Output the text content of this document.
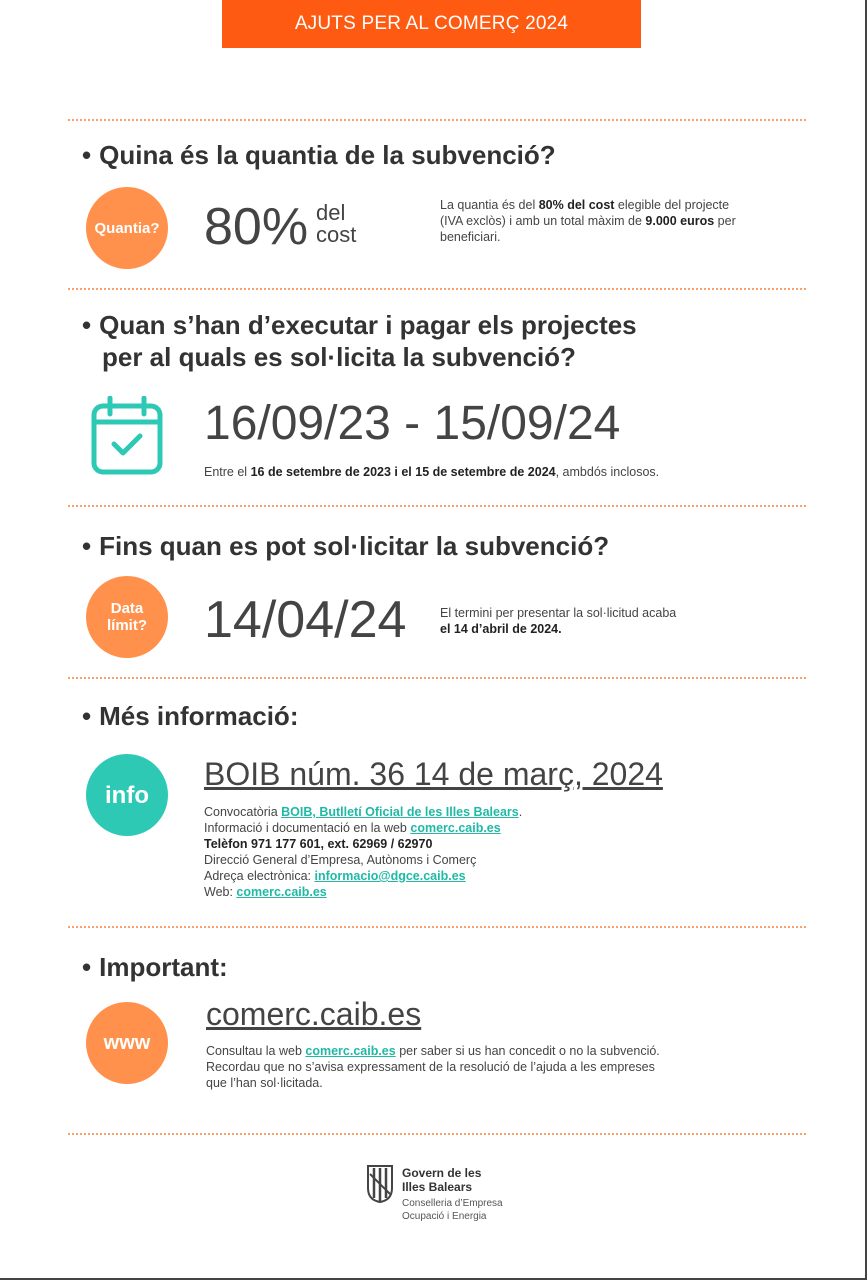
AJUTS PER AL COMERÇ 2024
• Quina és la quantia de la subvenció?
Quantia? 80% del
cost
La quantia és del 80% del cost elegible del projecte (IVA exclòs) i amb un total màxim de 9.000 euros per beneficiari.
• Quan s’han d’executar i pagar els projectes
per al quals es sol·licita la subvenció?
16/09/23 - 15/09/24
Entre el 16 de setembre de 2023 i el 15 de setembre de 2024, ambdós inclosos.
• Fins quan es pot sol·licitar la subvenció?
Data
límit? 14/04/24	El termini per presentar la sol·licitud acaba
el 14 d’abril de 2024.
• Més informació:
info
BOIB núm. 36 14 de març, 2024
Convocatòria BOIB, Butlletí Oficial de les Illes Balears.
Informació i documentació en la web comerc.caib.es
Telèfon 971 177 601, ext. 62969 / 62970
Direcció General d’Empresa, Autònoms i Comerç
Adreça electrònica: informacio@dgce.caib.es
Web: comerc.caib.es
• Important:
www
comerc.caib.es
Consultau la web comerc.caib.es per saber si us han concedit o no la subvenció.
Recordau que no s’avisa expressament de la resolució de l’ajuda a les empreses
que l’han sol·licitada.
Govern de les
Illes Balears
Conselleria d’Empresa
Ocupació i Energia
